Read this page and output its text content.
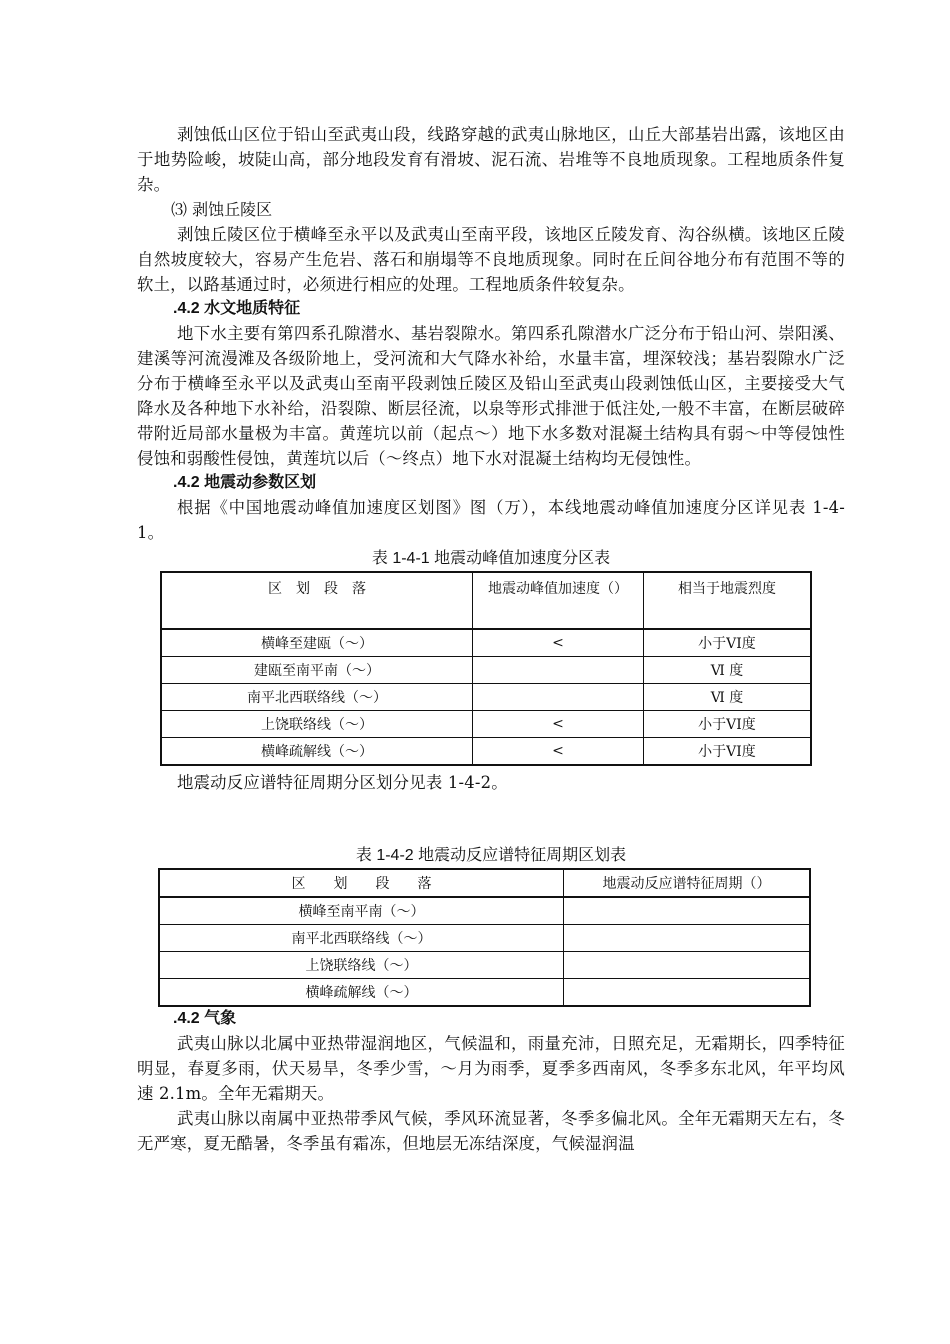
剥蚀低山区位于铅山至武夷山段，线路穿越的武夷山脉地区，山丘大部基岩出露，该地区由于地势险峻，坡陡山高，部分地段发育有滑坡、泥石流、岩堆等不良地质现象。工程地质条件复杂。

⑶ 剥蚀丘陵区

剥蚀丘陵区位于横峰至永平以及武夷山至南平段，该地区丘陵发育、沟谷纵横。该地区丘陵自然坡度较大，容易产生危岩、落石和崩塌等不良地质现象。同时在丘间谷地分布有范围不等的软土，以路基通过时，必须进行相应的处理。工程地质条件较复杂。

.4.2 水文地质特征

地下水主要有第四系孔隙潜水、基岩裂隙水。第四系孔隙潜水广泛分布于铅山河、崇阳溪、建溪等河流漫滩及各级阶地上，受河流和大气降水补给，水量丰富，埋深较浅；基岩裂隙水广泛分布于横峰至永平以及武夷山至南平段剥蚀丘陵区及铅山至武夷山段剥蚀低山区，主要接受大气降水及各种地下水补给，沿裂隙、断层径流，以泉等形式排泄于低注处,一般不丰富，在断层破碎带附近局部水量极为丰富。黄莲坑以前（起点～）地下水多数对混凝土结构具有弱～中等侵蚀性侵蚀和弱酸性侵蚀，黄莲坑以后（～终点）地下水对混凝土结构均无侵蚀性。

.4.2 地震动参数区划

根据《中国地震动峰值加速度区划图》图（万），本线地震动峰值加速度分区详见表 1-4-1。

表 1-4-1 地震动峰值加速度分区表

区　划　段　落	地震动峰值加速度（）	相当于地震烈度
横峰至建瓯（～）	<	小于VI度
建瓯至南平南（～）		Ⅵ 度
南平北西联络线（～）		Ⅵ 度
上饶联络线（～）	<	小于VI度
横峰疏解线（～）	<	小于VI度

地震动反应谱特征周期分区划分见表 1-4-2。

表 1-4-2 地震动反应谱特征周期区划表

区　　划　　段　　落	地震动反应谱特征周期（）
横峰至南平南（～）	
南平北西联络线（～）	
上饶联络线（～）	
横峰疏解线（～）	

.4.2 气象

武夷山脉以北属中亚热带湿润地区，气候温和，雨量充沛，日照充足，无霜期长，四季特征明显，春夏多雨，伏天易旱，冬季少雪，～月为雨季，夏季多西南风，冬季多东北风，年平均风速 2.1m。全年无霜期天。

武夷山脉以南属中亚热带季风气候，季风环流显著，冬季多偏北风。全年无霜期天左右，冬无严寒，夏无酷暑，冬季虽有霜冻，但地层无冻结深度，气候湿润温
